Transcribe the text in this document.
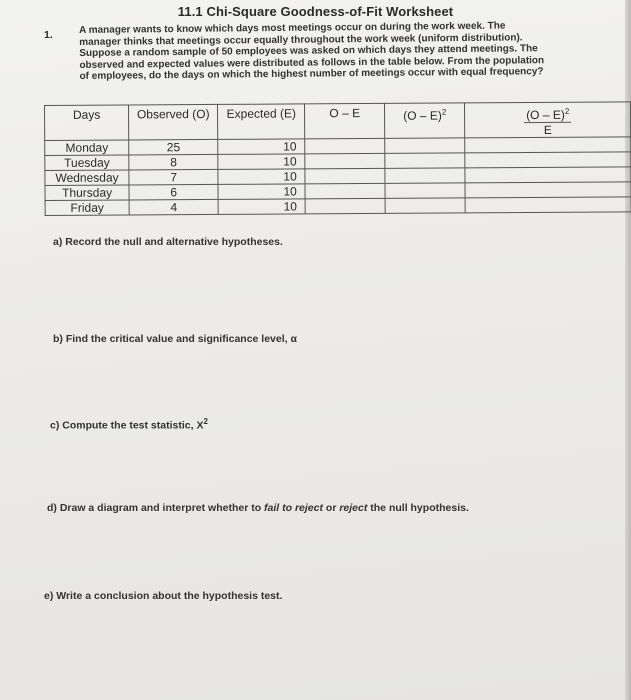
11.1 Chi-Square Goodness-of-Fit Worksheet
1.	A manager wants to know which days most meetings occur on during the work week. The
manager thinks that meetings occur equally throughout the work week (uniform distribution).
Suppose a random sample of 50 employees was asked on which days they attend meetings. The
observed and expected values were distributed as follows in the table below. From the population
of employees, do the days on which the highest number of meetings occur with equal frequency?
Days	Observed (O)	Expected (E)	O – E	(O – E)$^2$	$\frac{(O - E)^2}{E}$

Monday	25	10			
Tuesday	8	10			
Wednesday	7	10			
Thursday	6	10			
Friday	4	10			
a) Record the null and alternative hypotheses.
b) Find the critical value and significance level, α
c) Compute the test statistic, $X^2$
d) Draw a diagram and interpret whether to fail to reject or reject the null hypothesis.
e) Write a conclusion about the hypothesis test.
